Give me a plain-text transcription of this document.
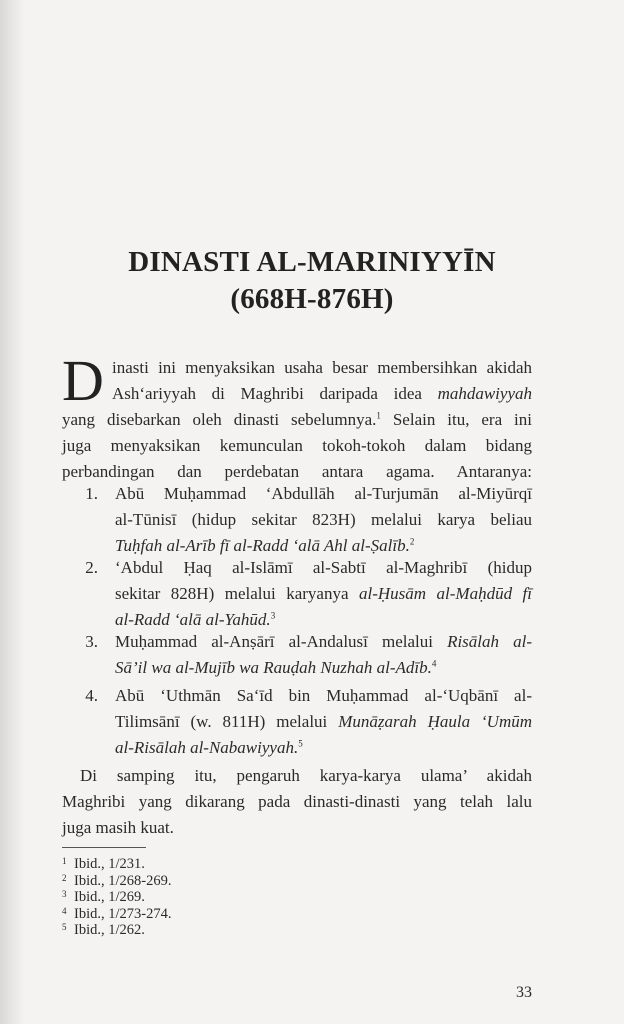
DINASTI AL-MARINIYYĪN
(668H-876H)
D inasti ini menyaksikan usaha besar membersihkan akidah
Ash‘ariyyah di Maghribi daripada idea mahdawiyyah
yang disebarkan oleh dinasti sebelumnya.$^1$ Selain itu, era ini
juga menyaksikan kemunculan tokoh-tokoh dalam bidang
perbandingan dan perdebatan antara agama. Antaranya:
1. Abū Muḥammad ‘Abdullāh al-Turjumān al-Miyūrqī
al-Tūnisī (hidup sekitar 823H) melalui karya beliau
Tuḥfah al-Arīb fī al-Radd ‘alā Ahl al-Ṣalīb.$^2$
2. ‘Abdul Ḥaq al-Islāmī al-Sabtī al-Maghribī (hidup
sekitar 828H) melalui karyanya al-Ḥusām al-Maḥdūd fī
al-Radd ‘alā al-Yahūd.$^3$
3. Muḥammad al-Anṣārī al-Andalusī melalui Risālah al-
Sā’il wa al-Mujīb wa Rauḍah Nuzhah al-Adīb.$^4$
4. Abū ‘Uthmān Sa‘īd bin Muḥammad al-‘Uqbānī al-
Tilimsānī (w. 811H) melalui Munāẓarah Ḥaula ‘Umūm
al-Risālah al-Nabawiyyah.$^5$
Di samping itu, pengaruh karya-karya ulama’ akidah
Maghribi yang dikarang pada dinasti-dinasti yang telah lalu
juga masih kuat.
1 Ibid., 1/231.
2 Ibid., 1/268-269.
3 Ibid., 1/269.
4 Ibid., 1/273-274.
5 Ibid., 1/262.
33
